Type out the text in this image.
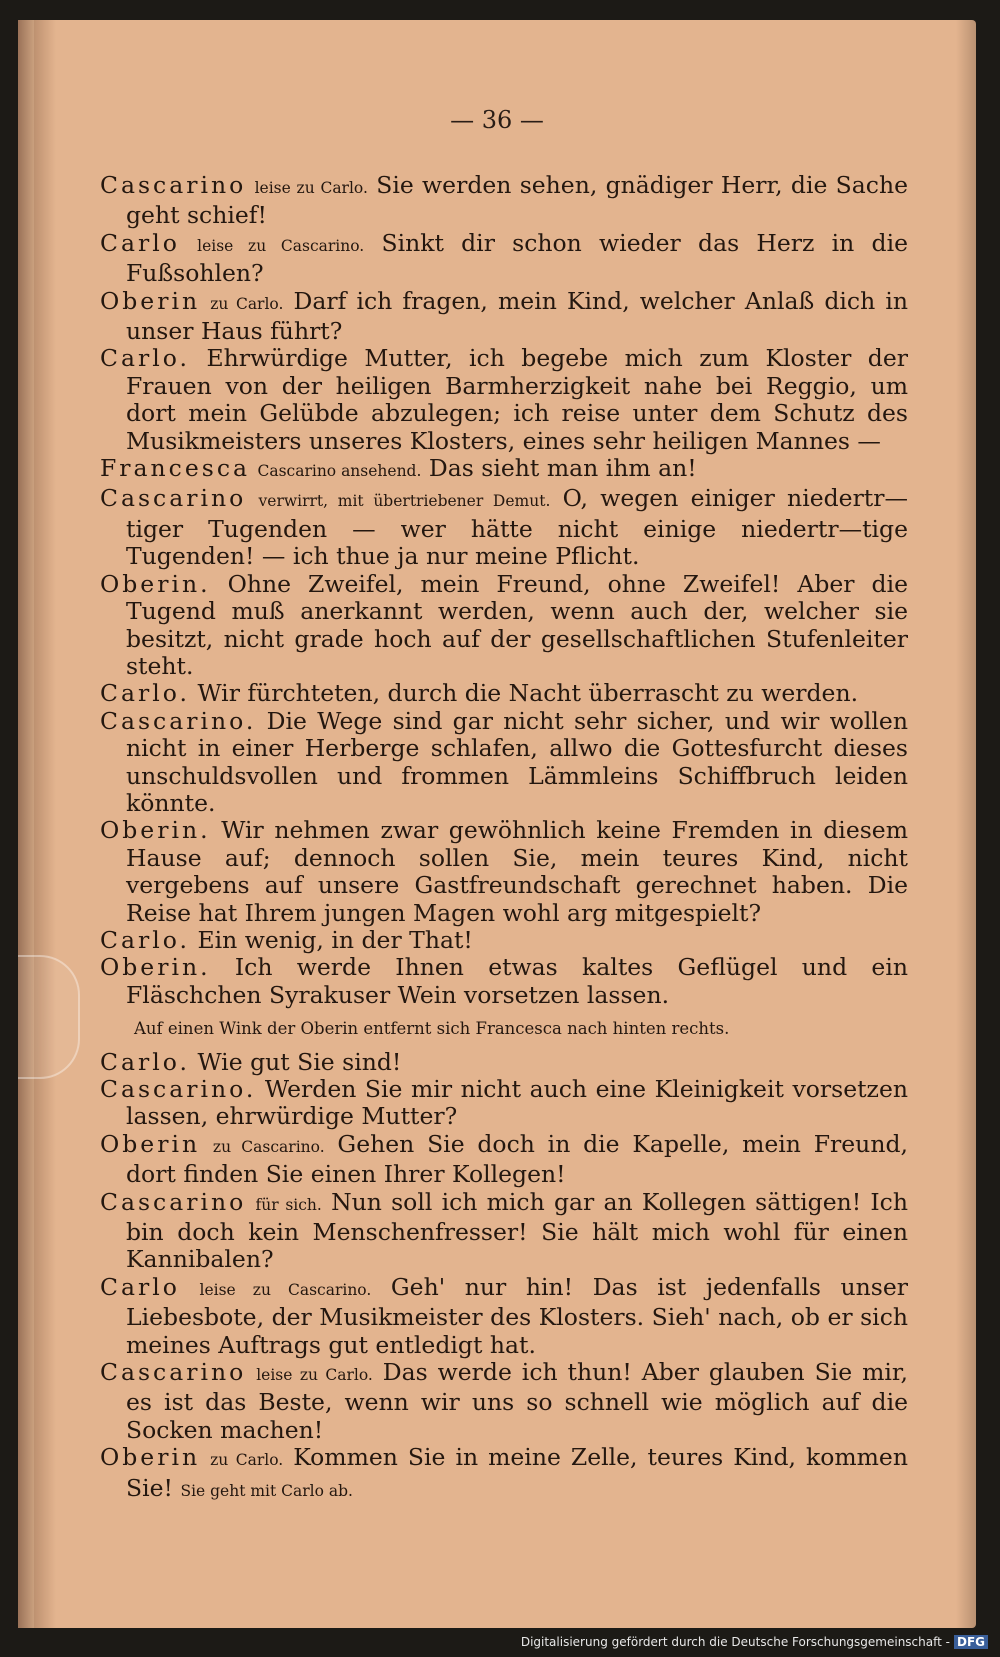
— 36 —

Cascarino leise zu Carlo. Sie werden sehen, gnädiger Herr, die Sache geht schief!

Carlo leise zu Cascarino. Sinkt dir schon wieder das Herz in die Fußsohlen?

Oberin zu Carlo. Darf ich fragen, mein Kind, welcher Anlaß dich in unser Haus führt?

Carlo. Ehrwürdige Mutter, ich begebe mich zum Kloster der Frauen von der heiligen Barmherzigkeit nahe bei Reggio, um dort mein Gelübde abzulegen; ich reise unter dem Schutz des Musikmeisters unseres Klosters, eines sehr heiligen Mannes —

Francesca Cascarino ansehend. Das sieht man ihm an!

Cascarino verwirrt, mit übertriebener Demut. O, wegen einiger niedertr—tiger Tugenden — wer hätte nicht einige niedertr—tige Tugenden! — ich thue ja nur meine Pflicht.

Oberin. Ohne Zweifel, mein Freund, ohne Zweifel! Aber die Tugend muß anerkannt werden, wenn auch der, welcher sie besitzt, nicht grade hoch auf der gesellschaftlichen Stufenleiter steht.

Carlo. Wir fürchteten, durch die Nacht überrascht zu werden.

Cascarino. Die Wege sind gar nicht sehr sicher, und wir wollen nicht in einer Herberge schlafen, allwo die Gottesfurcht dieses unschuldsvollen und frommen Lämmleins Schiffbruch leiden könnte.

Oberin. Wir nehmen zwar gewöhnlich keine Fremden in diesem Hause auf; dennoch sollen Sie, mein teures Kind, nicht vergebens auf unsere Gastfreundschaft gerechnet haben. Die Reise hat Ihrem jungen Magen wohl arg mitgespielt?

Carlo. Ein wenig, in der That!

Oberin. Ich werde Ihnen etwas kaltes Geflügel und ein Fläschchen Syrakuser Wein vorsetzen lassen.

Auf einen Wink der Oberin entfernt sich Francesca nach hinten rechts.

Carlo. Wie gut Sie sind!

Cascarino. Werden Sie mir nicht auch eine Kleinigkeit vorsetzen lassen, ehrwürdige Mutter?

Oberin zu Cascarino. Gehen Sie doch in die Kapelle, mein Freund, dort finden Sie einen Ihrer Kollegen!

Cascarino für sich. Nun soll ich mich gar an Kollegen sättigen! Ich bin doch kein Menschenfresser! Sie hält mich wohl für einen Kannibalen?

Carlo leise zu Cascarino. Geh' nur hin! Das ist jedenfalls unser Liebesbote, der Musikmeister des Klosters. Sieh' nach, ob er sich meines Auftrags gut entledigt hat.

Cascarino leise zu Carlo. Das werde ich thun! Aber glauben Sie mir, es ist das Beste, wenn wir uns so schnell wie möglich auf die Socken machen!

Oberin zu Carlo. Kommen Sie in meine Zelle, teures Kind, kommen Sie! Sie geht mit Carlo ab.

Digitalisierung gefördert durch die Deutsche Forschungsgemeinschaft - DFG
